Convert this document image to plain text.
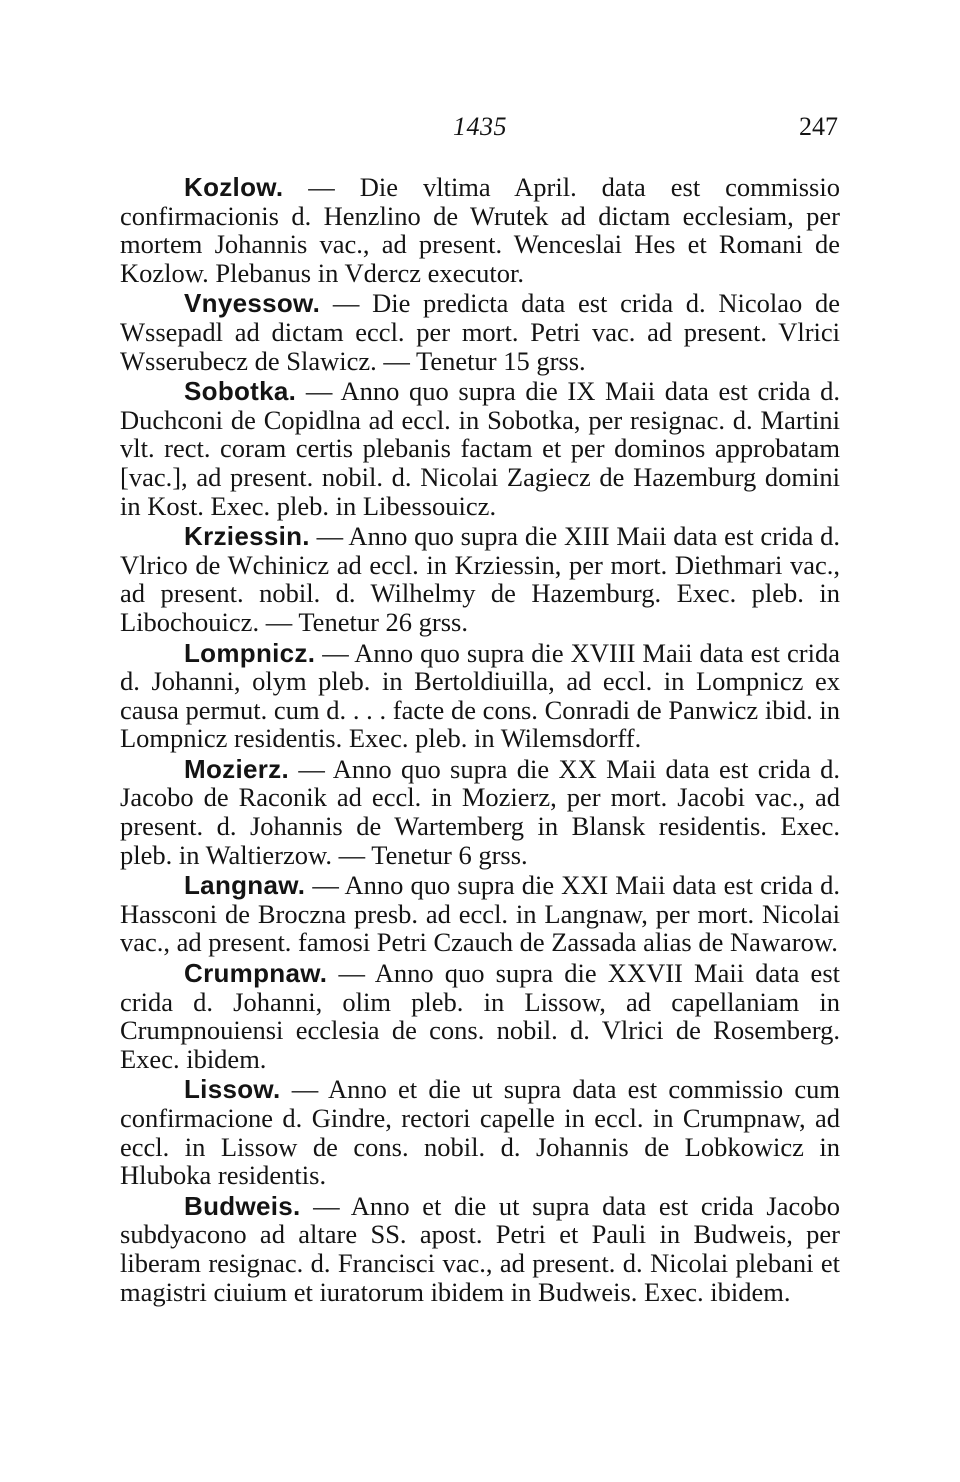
1435	247

Kozlow. — Die vltima April. data est commissio confirmacionis d. Henzlino de Wrutek ad dictam ecclesiam, per mortem Johannis vac., ad present. Wenceslai Hes et Romani de Kozlow. Plebanus in Vdercz executor.

Vnyessow. — Die predicta data est crida d. Nicolao de Wssepadl ad dictam eccl. per mort. Petri vac. ad present. Vlrici Wsserubecz de Slawicz. — Tenetur 15 grss.

Sobotka. — Anno quo supra die IX Maii data est crida d. Duchconi de Copidlna ad eccl. in Sobotka, per resignac. d. Martini vlt. rect. coram certis plebanis factam et per dominos approbatam [vac.], ad present. nobil. d. Nicolai Zagiecz de Hazemburg domini in Kost. Exec. pleb. in Libessouicz.

Krziessin. — Anno quo supra die XIII Maii data est crida d. Vlrico de Wchinicz ad eccl. in Krziessin, per mort. Diethmari vac., ad present. nobil. d. Wilhelmy de Hazemburg. Exec. pleb. in Libochouicz. — Tenetur 26 grss.

Lompnicz. — Anno quo supra die XVIII Maii data est crida d. Johanni, olym pleb. in Bertoldiuilla, ad eccl. in Lompnicz ex causa permut. cum d. . . . facte de cons. Conradi de Panwicz ibid. in Lompnicz residentis. Exec. pleb. in Wilemsdorff.

Mozierz. — Anno quo supra die XX Maii data est crida d. Jacobo de Raconik ad eccl. in Mozierz, per mort. Jacobi vac., ad present. d. Johannis de Wartemberg in Blansk residentis. Exec. pleb. in Waltierzow. — Tenetur 6 grss.

Langnaw. — Anno quo supra die XXI Maii data est crida d. Hassconi de Broczna presb. ad eccl. in Langnaw, per mort. Nicolai vac., ad present. famosi Petri Czauch de Zassada alias de Nawarow.

Crumpnaw. — Anno quo supra die XXVII Maii data est crida d. Johanni, olim pleb. in Lissow, ad capellaniam in Crumpnouiensi ecclesia de cons. nobil. d. Vlrici de Rosemberg. Exec. ibidem.

Lissow. — Anno et die ut supra data est commissio cum confirmacione d. Gindre, rectori capelle in eccl. in Crumpnaw, ad eccl. in Lissow de cons. nobil. d. Johannis de Lobkowicz in Hluboka residentis.

Budweis. — Anno et die ut supra data est crida Jacobo subdyacono ad altare SS. apost. Petri et Pauli in Budweis, per liberam resignac. d. Francisci vac., ad present. d. Nicolai plebani et magistri ciuium et iuratorum ibidem in Budweis. Exec. ibidem.
